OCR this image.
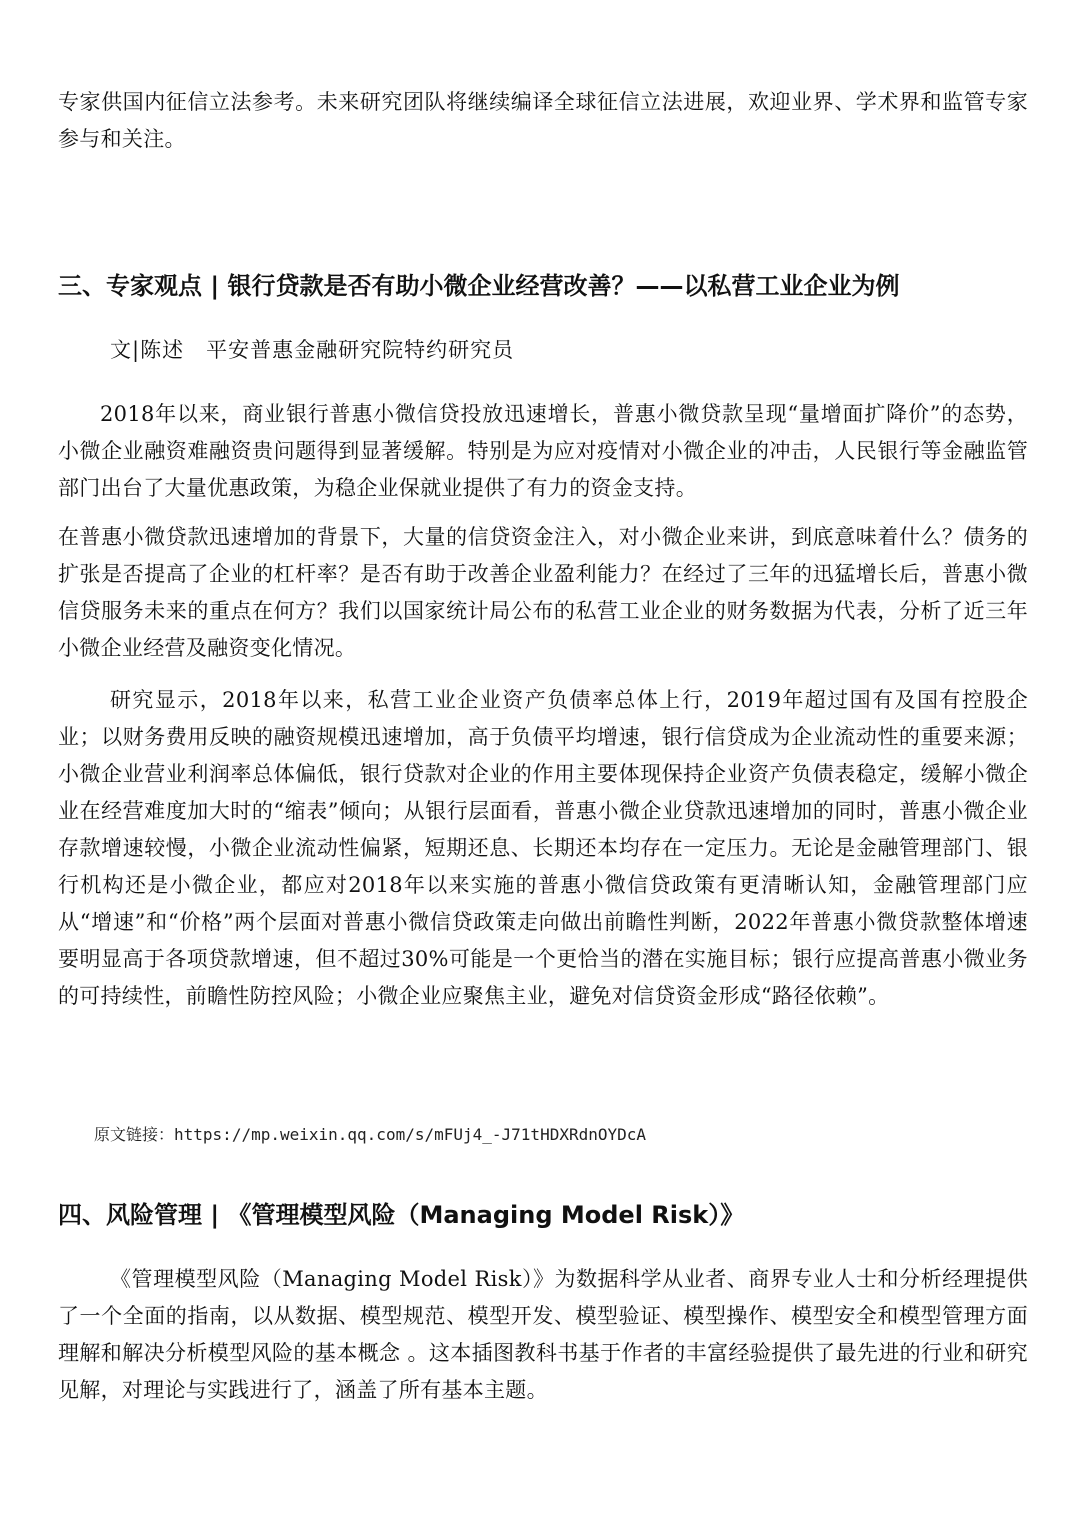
专家供国内征信立法参考。未来研究团队将继续编译全球征信立法进展，欢迎业界、学术界和监管专家参与和关注。

三、专家观点 | 银行贷款是否有助小微企业经营改善？——以私营工业企业为例
文|陈述　平安普惠金融研究院特约研究员

2018年以来，商业银行普惠小微信贷投放迅速增长，普惠小微贷款呈现“量增面扩降价”的态势，小微企业融资难融资贵问题得到显著缓解。特别是为应对疫情对小微企业的冲击，人民银行等金融监管部门出台了大量优惠政策，为稳企业保就业提供了有力的资金支持。

在普惠小微贷款迅速增加的背景下，大量的信贷资金注入，对小微企业来讲，到底意味着什么？债务的扩张是否提高了企业的杠杆率？是否有助于改善企业盈利能力？在经过了三年的迅猛增长后，普惠小微信贷服务未来的重点在何方？我们以国家统计局公布的私营工业企业的财务数据为代表，分析了近三年小微企业经营及融资变化情况。

研究显示，2018年以来，私营工业企业资产负债率总体上行，2019年超过国有及国有控股企业；以财务费用反映的融资规模迅速增加，高于负债平均增速，银行信贷成为企业流动性的重要来源；小微企业营业利润率总体偏低，银行贷款对企业的作用主要体现保持企业资产负债表稳定，缓解小微企业在经营难度加大时的“缩表”倾向；从银行层面看，普惠小微企业贷款迅速增加的同时，普惠小微企业存款增速较慢，小微企业流动性偏紧，短期还息、长期还本均存在一定压力。无论是金融管理部门、银行机构还是小微企业，都应对2018年以来实施的普惠小微信贷政策有更清晰认知，金融管理部门应从“增速”和“价格”两个层面对普惠小微信贷政策走向做出前瞻性判断，2022年普惠小微贷款整体增速要明显高于各项贷款增速，但不超过30%可能是一个更恰当的潜在实施目标；银行应提高普惠小微业务的可持续性，前瞻性防控风险；小微企业应聚焦主业，避免对信贷资金形成“路径依赖”。

原文链接：https://mp.weixin.qq.com/s/mFUj4_-J71tHDXRdnOYDcA
四、风险管理 | 《管理模型风险（Managing Model Risk）》

《管理模型风险（Managing Model Risk）》为数据科学从业者、商界专业人士和分析经理提供了一个全面的指南，以从数据、模型规范、模型开发、模型验证、模型操作、模型安全和模型管理方面理解和解决分析模型风险的基本概念 。这本插图教科书基于作者的丰富经验提供了最先进的行业和研究见解，对理论与实践进行了，涵盖了所有基本主题。
